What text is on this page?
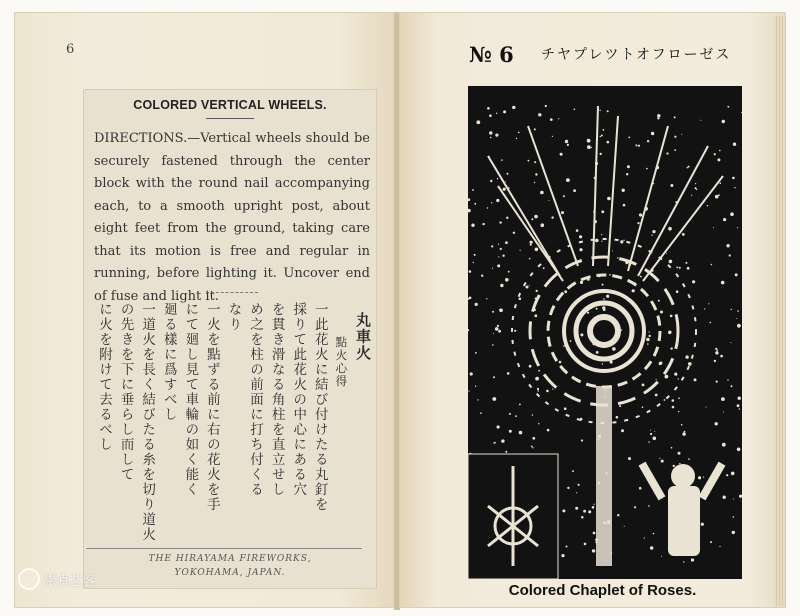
6
COLORED VERTICAL WHEELS.
DIRECTIONS.—Vertical wheels should be securely fastened through the center block with the round nail accompanying each, to a smooth upright post, about eight feet from the ground, taking care that its motion is free and regular in running, before lighting it. Uncover end of fuse and light it.
丸車火
點火心得
一此花火に結び付けたる丸釘を
採りて此花火の中心にある穴
を貫き滑なる角柱を直立せし
め之を柱の前面に打ち付くる
なり
一火を點ずる前に右の花火を手
にて廻し見て車輪の如く能く
廻る樣に爲すべし
一道火を長く結びたる糸を切り道火
の先きを下に垂らし而して
に火を附けて去るべし
THE HIRAYAMA FIREWORKS,
YOKOHAMA, JAPAN.
№ 6 チヤプレツトオフローゼス
Colored Chaplet of Roses.
崇真艺客
